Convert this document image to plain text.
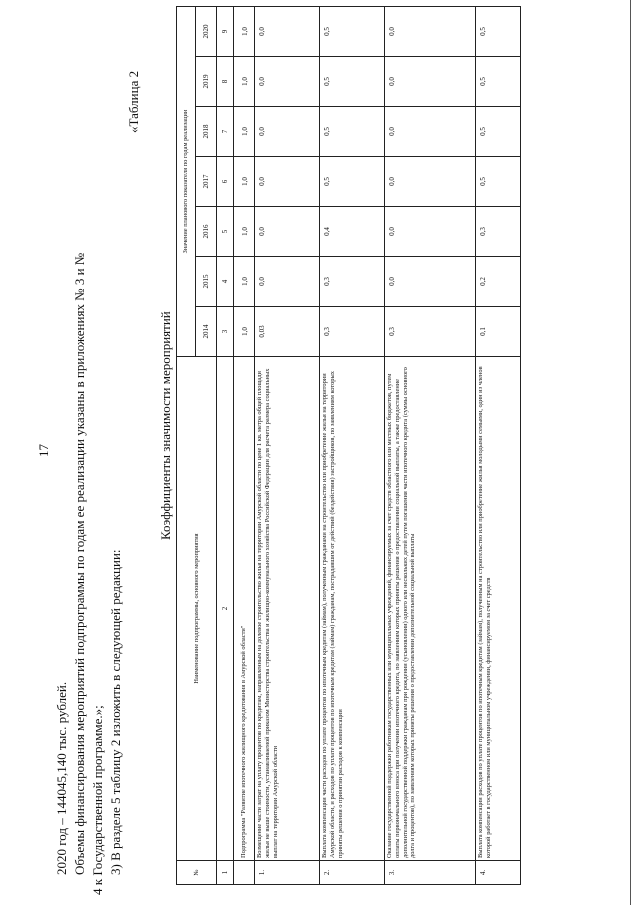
17
2020 год – 144045,140 тыс. рублей. Объемы финансирования мероприятий подпрограммы по годам ее реализации указаны в приложениях № 3 и № 4 к Государственной программе.»; 3) В разделе 5 таблицу 2 изложить в следующей редакции:
«Таблица 2
Коэффициенты значимости мероприятий
№	Наименование подпрограммы, основного мероприятия	Значение планового показателя по годам реализации						
		2014	2015	2016	2017	2018	2019	2020
1	2	3	4	5	6	7	8	9
	Подпрограмма "Развитие ипотечного жилищного кредитования в Амурской области"	1,0	1,0	1,0	1,0	1,0	1,0	1,0
1.	Возмещение части затрат на уплату процентов по кредитам, направленным на долевое строительство жилья на территории Амурской области по цене 1 кв. метра общей площади жилья не выше стоимости, устанавливаемой приказом Министерства строительства и жилищно-коммунального хозяйства Российской Федерации для расчета размера социальных выплат на территории Амурской области	0,03	0,0	0,0	0,0	0,0	0,0	0,0
2.	Выплата компенсации части расходов по уплате процентов по ипотечным кредитам (займам), полученным гражданами на строительство или приобретение жилья на территории Амурской области, и расходов по уплате процентов по ипотечным кредитам (займам) гражданам, пострадавшим от действий (бездействия) застройщиков, по заявлениям которых приняты решения о принятии расходов к компенсации	0,3	0,3	0,4	0,5	0,5	0,5	0,5
3.	Оказание государственной поддержки работникам государственных или муниципальных учреждений, финансируемых за счет средств областного или местных бюджетов, путем оплаты первоначального взноса при получении ипотечного кредита, по заявлениям которых приняты решения о предоставлении социальной выплаты, а также предоставление дополнительной государственной поддержки гражданам при рождении (усыновлении) одного или нескольких детей путем погашения части ипотечного кредита (суммы основного долга и процентов), по заявлениям которых приняты решения о предоставлении дополнительной социальной выплаты	0,3	0,0	0,0	0,0	0,0	0,0	0,0
4.	Выплата компенсации расходов по уплате процентов по ипотечным кредитам (займам), полученным на строительство или приобретение жилья молодыми семьями, один из членов которой работает в государственном или муниципальном учреждении, финансируемом за счет средств	0,1	0,2	0,3	0,5	0,5	0,5	0,5
